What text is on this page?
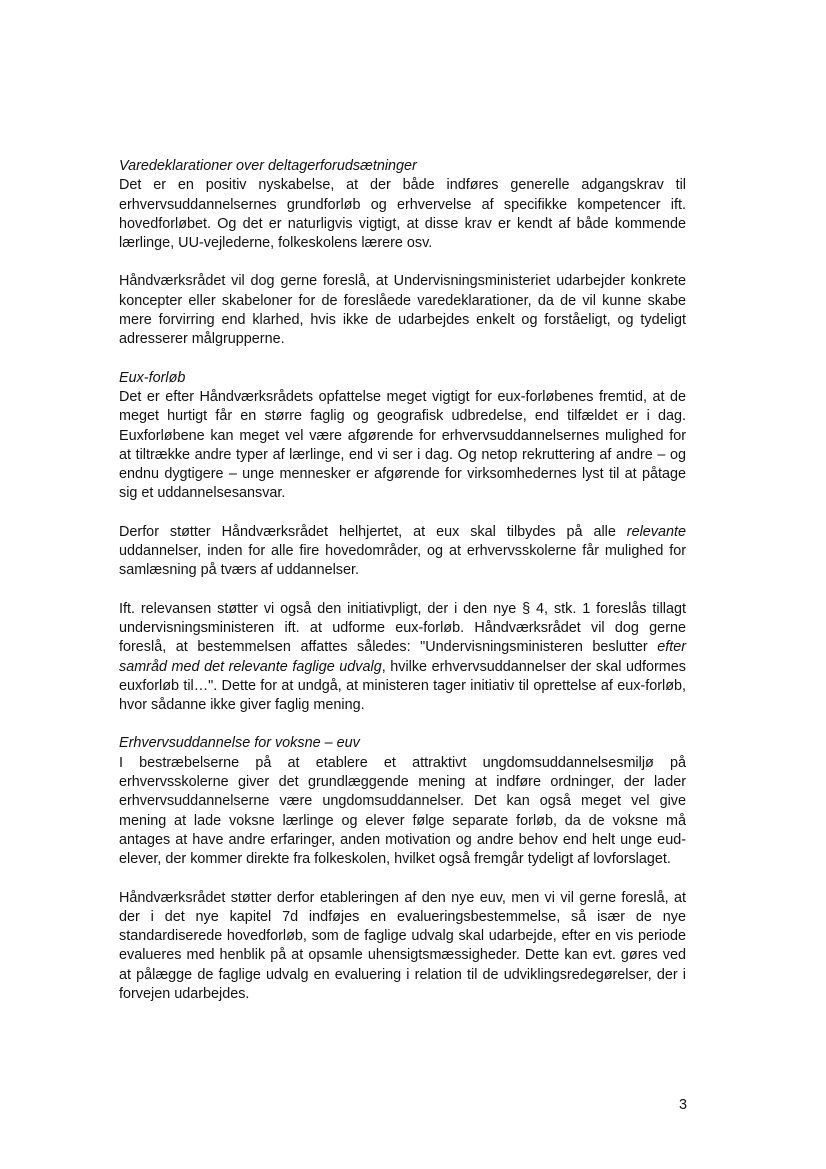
Varedeklarationer over deltagerforudsætninger

Det er en positiv nyskabelse, at der både indføres generelle adgangskrav til erhvervsuddannelsernes grundforløb og erhvervelse af specifikke kompetencer ift. hovedforløbet. Og det er naturligvis vigtigt, at disse krav er kendt af både kommende lærlinge, UU-vejlederne, folkeskolens lærere osv.

Håndværksrådet vil dog gerne foreslå, at Undervisningsministeriet udarbejder konkrete koncepter eller skabeloner for de foreslåede varedeklarationer, da de vil kunne skabe mere forvirring end klarhed, hvis ikke de udarbejdes enkelt og forståeligt, og tydeligt adresserer målgrupperne.

Eux-forløb

Det er efter Håndværksrådets opfattelse meget vigtigt for eux-forløbenes fremtid, at de meget hurtigt får en større faglig og geografisk udbredelse, end tilfældet er i dag. Euxforløbene kan meget vel være afgørende for erhvervsuddannelsernes mulighed for at tiltrække andre typer af lærlinge, end vi ser i dag. Og netop rekruttering af andre – og endnu dygtigere – unge mennesker er afgørende for virksomhedernes lyst til at påtage sig et uddannelsesansvar.

Derfor støtter Håndværksrådet helhjertet, at eux skal tilbydes på alle relevante uddannelser, inden for alle fire hovedområder, og at erhvervsskolerne får mulighed for samlæsning på tværs af uddannelser.

Ift. relevansen støtter vi også den initiativpligt, der i den nye § 4, stk. 1 foreslås tillagt undervisningsministeren ift. at udforme eux-forløb. Håndværksrådet vil dog gerne foreslå, at bestemmelsen affattes således: "Undervisningsministeren beslutter efter samråd med det relevante faglige udvalg, hvilke erhvervsuddannelser der skal udformes euxforløb til…". Dette for at undgå, at ministeren tager initiativ til oprettelse af eux-forløb, hvor sådanne ikke giver faglig mening.

Erhvervsuddannelse for voksne – euv

I bestræbelserne på at etablere et attraktivt ungdomsuddannelsesmiljø på erhvervsskolerne giver det grundlæggende mening at indføre ordninger, der lader erhvervsuddannelserne være ungdomsuddannelser. Det kan også meget vel give mening at lade voksne lærlinge og elever følge separate forløb, da de voksne må antages at have andre erfaringer, anden motivation og andre behov end helt unge eud-elever, der kommer direkte fra folkeskolen, hvilket også fremgår tydeligt af lovforslaget.

Håndværksrådet støtter derfor etableringen af den nye euv, men vi vil gerne foreslå, at der i det nye kapitel 7d indføjes en evalueringsbestemmelse, så især de nye standardiserede hovedforløb, som de faglige udvalg skal udarbejde, efter en vis periode evalueres med henblik på at opsamle uhensigtsmæssigheder. Dette kan evt. gøres ved at pålægge de faglige udvalg en evaluering i relation til de udviklingsredegørelser, der i forvejen udarbejdes.

3
